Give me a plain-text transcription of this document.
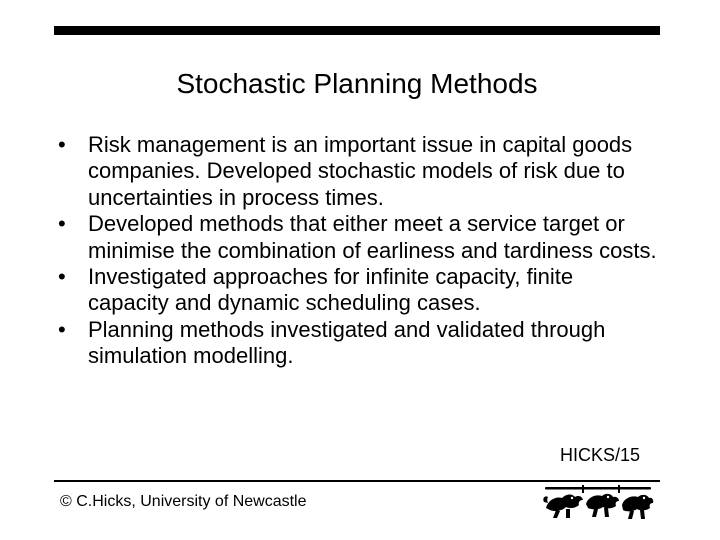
Stochastic Planning Methods
•	Risk management is an important issue in capital goods companies. Developed stochastic models of risk due to uncertainties in process times.
•	Developed methods that either meet a service target or minimise the combination of earliness and tardiness costs.
•	Investigated approaches for infinite capacity, finite capacity and dynamic scheduling cases.
•	Planning methods investigated and validated through simulation modelling.
HICKS/15
© C.Hicks, University of Newcastle
